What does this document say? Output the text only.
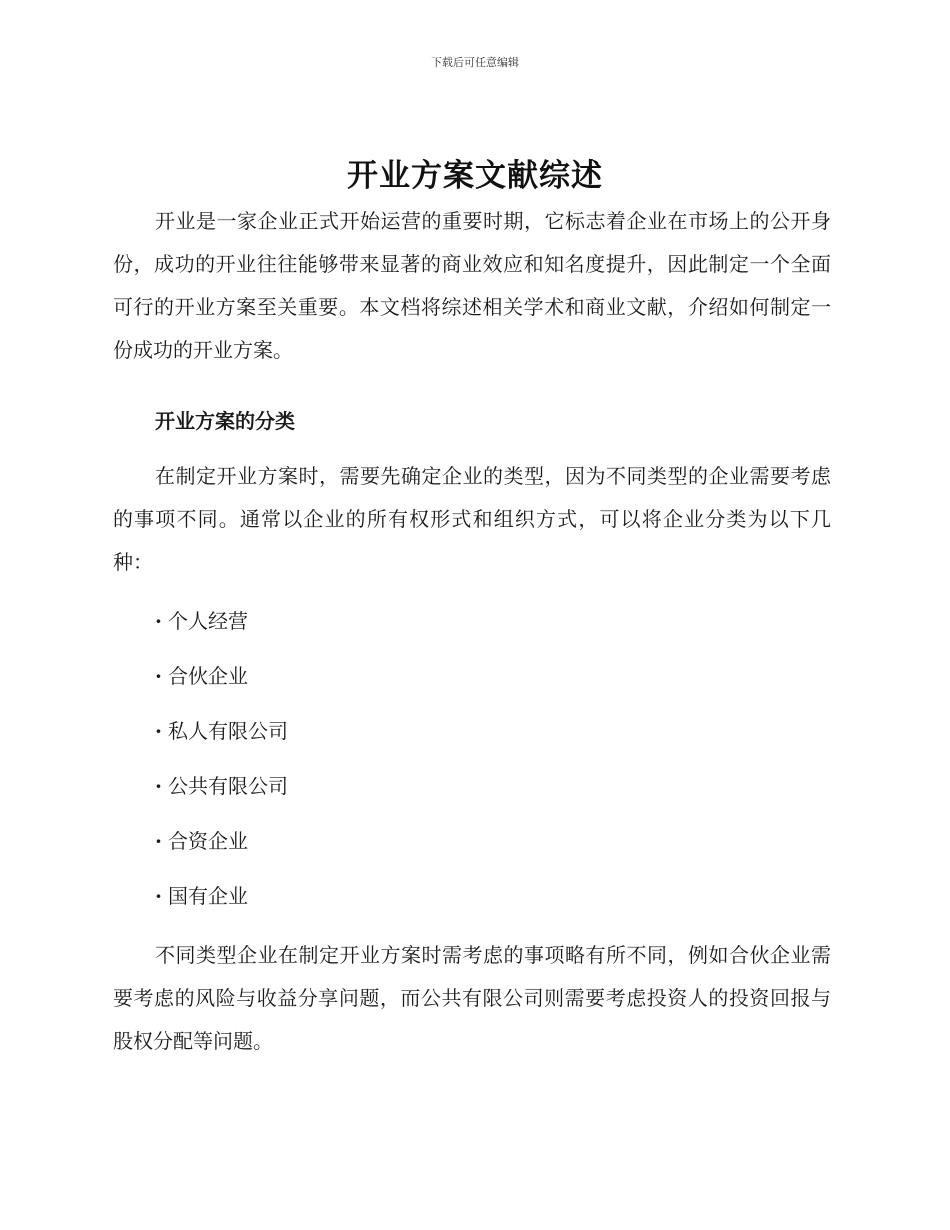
下载后可任意编辑
开业方案文献综述

开业是一家企业正式开始运营的重要时期，它标志着企业在市场上的公开身份，成功的开业往往能够带来显著的商业效应和知名度提升，因此制定一个全面可行的开业方案至关重要。本文档将综述相关学术和商业文献，介绍如何制定一份成功的开业方案。

开业方案的分类

在制定开业方案时，需要先确定企业的类型，因为不同类型的企业需要考虑的事项不同。通常以企业的所有权形式和组织方式，可以将企业分类为以下几种：

· 个人经营
· 合伙企业
· 私人有限公司
· 公共有限公司
· 合资企业
· 国有企业

不同类型企业在制定开业方案时需考虑的事项略有所不同，例如合伙企业需要考虑的风险与收益分享问题，而公共有限公司则需要考虑投资人的投资回报与股权分配等问题。
